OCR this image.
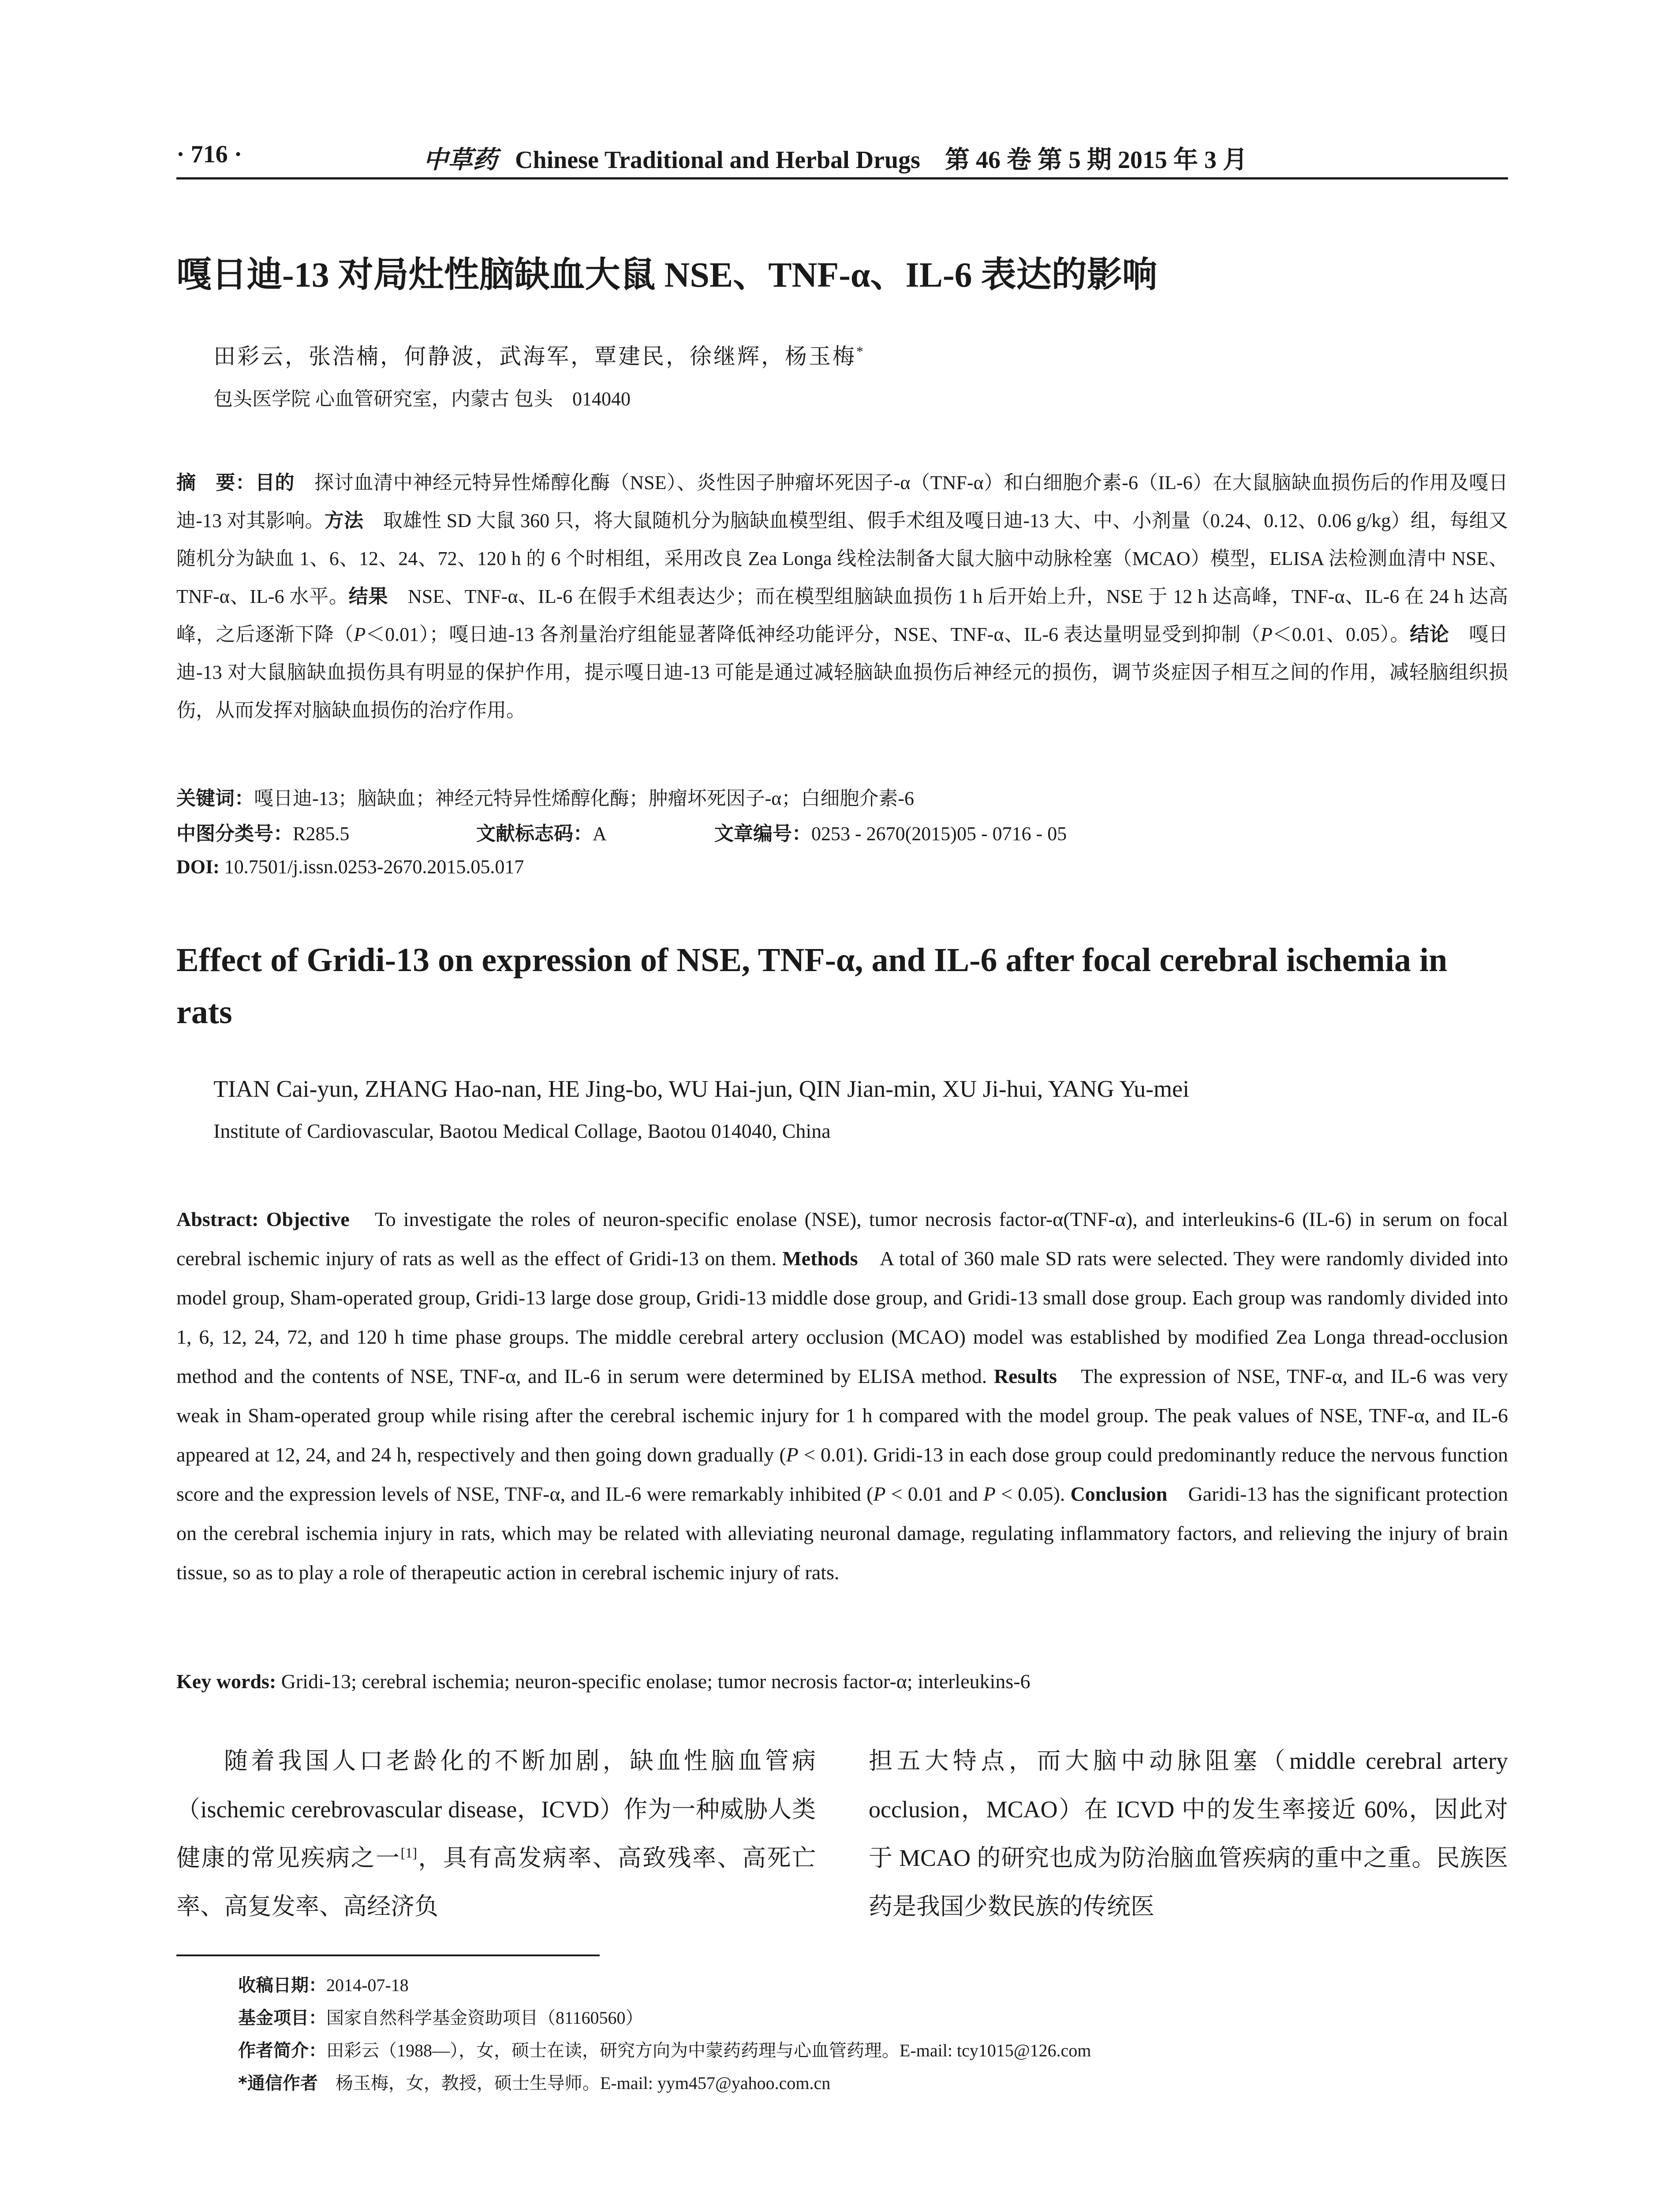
· 716 ·	中草药 Chinese Traditional and Herbal Drugs　第 46 卷 第 5 期 2015 年 3 月
嘎日迪-13 对局灶性脑缺血大鼠 NSE、TNF-α、IL-6 表达的影响
田彩云，张浩楠，何静波，武海军，覃建民，徐继辉，杨玉梅*
包头医学院 心血管研究室，内蒙古 包头　014040
摘　要：目的　探讨血清中神经元特异性烯醇化酶（NSE）、炎性因子肿瘤坏死因子-α（TNF-α）和白细胞介素-6（IL-6）在大鼠脑缺血损伤后的作用及嘎日迪-13 对其影响。方法　取雄性 SD 大鼠 360 只，将大鼠随机分为脑缺血模型组、假手术组及嘎日迪-13 大、中、小剂量（0.24、0.12、0.06 g/kg）组，每组又随机分为缺血 1、6、12、24、72、120 h 的 6 个时相组，采用改良 Zea Longa 线栓法制备大鼠大脑中动脉栓塞（MCAO）模型，ELISA 法检测血清中 NSE、TNF-α、IL-6 水平。结果　NSE、TNF-α、IL-6 在假手术组表达少；而在模型组脑缺血损伤 1 h 后开始上升，NSE 于 12 h 达高峰，TNF-α、IL-6 在 24 h 达高峰，之后逐渐下降（P＜0.01）；嘎日迪-13 各剂量治疗组能显著降低神经功能评分，NSE、TNF-α、IL-6 表达量明显受到抑制（P＜0.01、0.05）。结论　嘎日迪-13 对大鼠脑缺血损伤具有明显的保护作用，提示嘎日迪-13 可能是通过减轻脑缺血损伤后神经元的损伤，调节炎症因子相互之间的作用，减轻脑组织损伤，从而发挥对脑缺血损伤的治疗作用。
关键词：嘎日迪-13；脑缺血；神经元特异性烯醇化酶；肿瘤坏死因子-α；白细胞介素-6
中图分类号：R285.5	文献标志码：A	文章编号：0253 - 2670(2015)05 - 0716 - 05
DOI: 10.7501/j.issn.0253-2670.2015.05.017
Effect of Gridi-13 on expression of NSE, TNF-α, and IL-6 after focal cerebral ischemia in rats
TIAN Cai-yun, ZHANG Hao-nan, HE Jing-bo, WU Hai-jun, QIN Jian-min, XU Ji-hui, YANG Yu-mei
Institute of Cardiovascular, Baotou Medical Collage, Baotou 014040, China
Abstract: Objective　To investigate the roles of neuron-specific enolase (NSE), tumor necrosis factor-α(TNF-α), and interleukins-6 (IL-6) in serum on focal cerebral ischemic injury of rats as well as the effect of Gridi-13 on them. Methods　A total of 360 male SD rats were selected. They were randomly divided into model group, Sham-operated group, Gridi-13 large dose group, Gridi-13 middle dose group, and Gridi-13 small dose group. Each group was randomly divided into 1, 6, 12, 24, 72, and 120 h time phase groups. The middle cerebral artery occlusion (MCAO) model was established by modified Zea Longa thread-occlusion method and the contents of NSE, TNF-α, and IL-6 in serum were determined by ELISA method. Results　The expression of NSE, TNF-α, and IL-6 was very weak in Sham-operated group while rising after the cerebral ischemic injury for 1 h compared with the model group. The peak values of NSE, TNF-α, and IL-6 appeared at 12, 24, and 24 h, respectively and then going down gradually (P < 0.01). Gridi-13 in each dose group could predominantly reduce the nervous function score and the expression levels of NSE, TNF-α, and IL-6 were remarkably inhibited (P < 0.01 and P < 0.05). Conclusion　Garidi-13 has the significant protection on the cerebral ischemia injury in rats, which may be related with alleviating neuronal damage, regulating inflammatory factors, and relieving the injury of brain tissue, so as to play a role of therapeutic action in cerebral ischemic injury of rats.
Key words: Gridi-13; cerebral ischemia; neuron-specific enolase; tumor necrosis factor-α; interleukins-6
随着我国人口老龄化的不断加剧，缺血性脑血管病（ischemic cerebrovascular disease，ICVD）作为一种威胁人类健康的常见疾病之一[1]，具有高发病率、高致残率、高死亡率、高复发率、高经济负
担五大特点，而大脑中动脉阻塞（middle cerebral artery occlusion，MCAO）在 ICVD 中的发生率接近 60%，因此对于 MCAO 的研究也成为防治脑血管疾病的重中之重。民族医药是我国少数民族的传统医
收稿日期：2014-07-18
基金项目：国家自然科学基金资助项目（81160560）
作者简介：田彩云（1988—），女，硕士在读，研究方向为中蒙药药理与心血管药理。E-mail: tcy1015@126.com
*通信作者　杨玉梅，女，教授，硕士生导师。E-mail: yym457@yahoo.com.cn
